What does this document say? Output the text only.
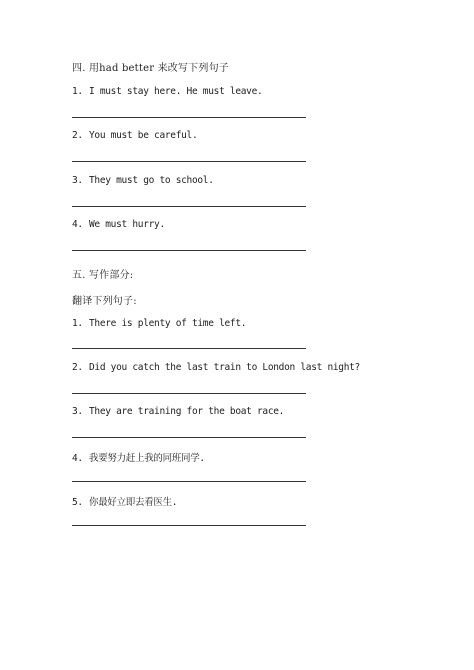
四. 用had better 来改写下列句子
1. I must stay here. He must leave.
2. You must be careful.
3. They must go to school.
4. We must hurry.
五. 写作部分:
翻译下列句子:
1. There is plenty of time left.
2. Did you catch the last train to London last night?
3. They are training for the boat race.
4. 我要努力赶上我的同班同学.
5. 你最好立即去看医生.
